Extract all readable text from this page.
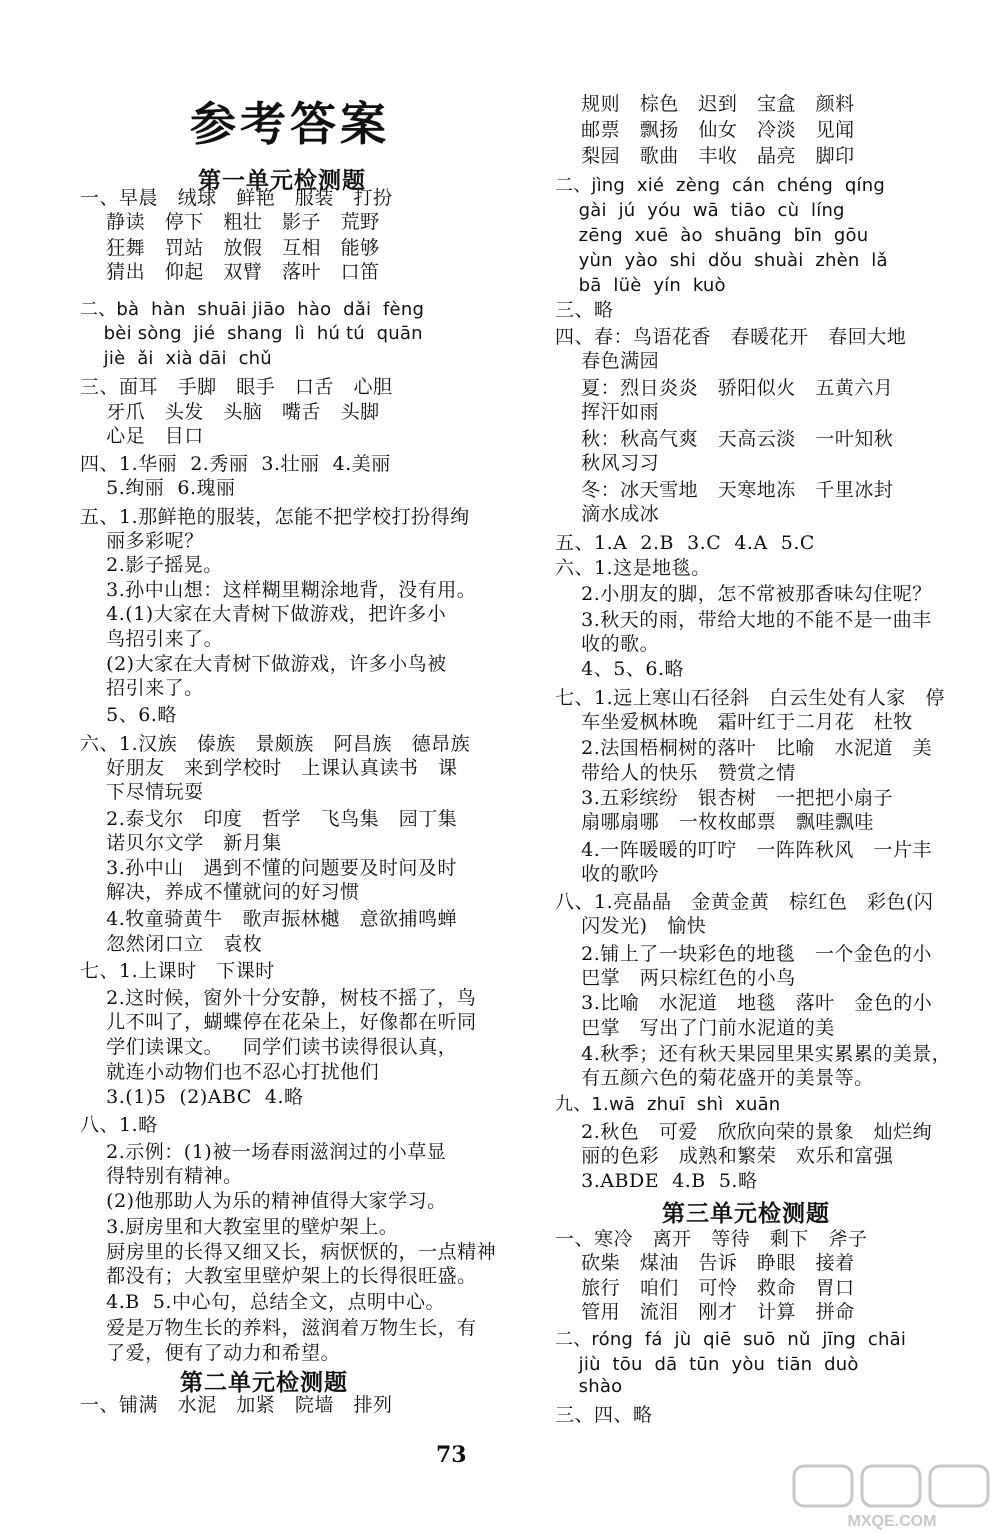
参考答案
第一单元检测题
第二单元检测题
第三单元检测题
一、早晨   绒球   鲜艳   服装   打扮
静读   停下   粗壮   影子   荒野
狂舞   罚站   放假   互相   能够
猜出   仰起   双臂   落叶   口笛
二、bà  hàn  shuāi jiāo  hào  dǎi  fèng
bèi sòng  jié  shang  lì  hú tú  quān
jiè  ǎi  xià dāi  chǔ
三、面耳   手脚   眼手   口舌   心胆
牙爪   头发   头脑   嘴舌   头脚
心足   目口
四、1.华丽  2.秀丽  3.壮丽  4.美丽
5.绚丽  6.瑰丽
五、1.那鲜艳的服装，怎能不把学校打扮得绚
丽多彩呢？
2.影子摇晃。
3.孙中山想：这样糊里糊涂地背，没有用。
4.(1)大家在大青树下做游戏，把许多小
鸟招引来了。
(2)大家在大青树下做游戏，许多小鸟被
招引来了。
5、6.略
六、1.汉族   傣族   景颇族   阿昌族   德昂族
好朋友   来到学校时   上课认真读书   课
下尽情玩耍
2.泰戈尔   印度   哲学   飞鸟集   园丁集
诺贝尔文学   新月集
3.孙中山   遇到不懂的问题要及时问及时
解决，养成不懂就问的好习惯
4.牧童骑黄牛   歌声振林樾   意欲捕鸣蝉
忽然闭口立   袁枚
七、1.上课时   下课时
2.这时候，窗外十分安静，树枝不摇了，鸟
儿不叫了，蝴蝶停在花朵上，好像都在听同
学们读课文。   同学们读书读得很认真，
就连小动物们也不忍心打扰他们
3.(1)5  (2)ABC  4.略
八、1.略
2.示例：(1)被一场春雨滋润过的小草显
得特别有精神。
(2)他那助人为乐的精神值得大家学习。
3.厨房里和大教室里的壁炉架上。
厨房里的长得又细又长，病恹恹的，一点精神
都没有；大教室里壁炉架上的长得很旺盛。
4.B  5.中心句，总结全文，点明中心。
爱是万物生长的养料，滋润着万物生长，有
了爱，便有了动力和希望。
一、铺满   水泥   加紧   院墙   排列
规则   棕色   迟到   宝盒   颜料
邮票   飘扬   仙女   冷淡   见闻
梨园   歌曲   丰收   晶亮   脚印
二、jìng  xié  zèng  cán  chéng  qíng
gài  jú  yóu  wā  tiāo  cù  líng
zēng  xuē  ào  shuāng  bīn  gōu
yùn  yào  shi  dǒu  shuài  zhèn  lǎ
bā  lüè  yín  kuò
三、略
四、春：鸟语花香   春暖花开   春回大地
春色满园
夏：烈日炎炎   骄阳似火   五黄六月
挥汗如雨
秋：秋高气爽   天高云淡   一叶知秋
秋风习习
冬：冰天雪地   天寒地冻   千里冰封
滴水成冰
五、1.A  2.B  3.C  4.A  5.C
六、1.这是地毯。
2.小朋友的脚，怎不常被那香味勾住呢？
3.秋天的雨，带给大地的不能不是一曲丰
收的歌。
4、5、6.略
七、1.远上寒山石径斜   白云生处有人家   停
车坐爱枫林晚   霜叶红于二月花   杜牧
2.法国梧桐树的落叶   比喻   水泥道   美
带给人的快乐   赞赏之情
3.五彩缤纷   银杏树   一把把小扇子
扇哪扇哪   一枚枚邮票   飘哇飘哇
4.一阵暖暖的叮咛   一阵阵秋风   一片丰
收的歌吟
八、1.亮晶晶   金黄金黄   棕红色   彩色(闪
闪发光)   愉快
2.铺上了一块彩色的地毯   一个金色的小
巴掌   两只棕红色的小鸟
3.比喻   水泥道   地毯   落叶   金色的小
巴掌   写出了门前水泥道的美
4.秋季；还有秋天果园里果实累累的美景，
有五颜六色的菊花盛开的美景等。
九、1.wā  zhuī  shì  xuān
2.秋色   可爱   欣欣向荣的景象   灿烂绚
丽的色彩   成熟和繁荣   欢乐和富强
3.ABDE  4.B  5.略
一、寒冷   离开   等待   剩下   斧子
砍柴   煤油   告诉   睁眼   接着
旅行   咱们   可怜   救命   胃口
管用   流泪   刚才   计算   拼命
二、róng  fá  jù  qiē  suō  nǔ  jīng  chāi
jiù  tōu  dā  tūn  yòu  tiān  duò
shào
三、四、略
73
MXQE.COM
